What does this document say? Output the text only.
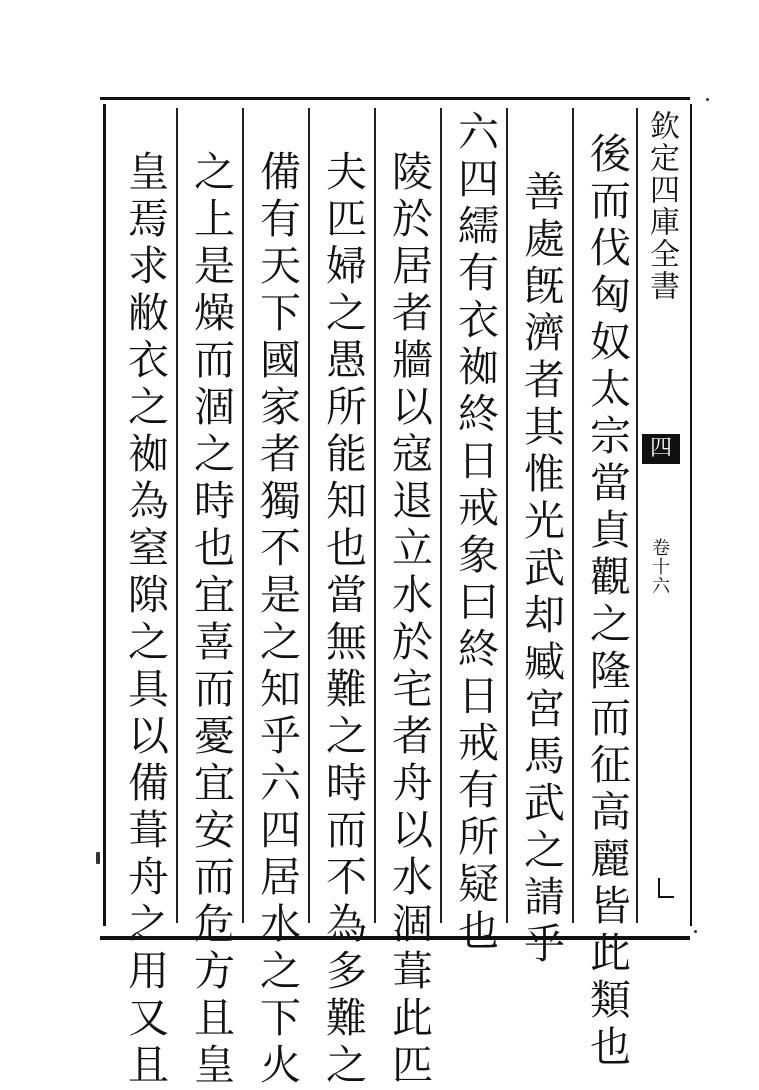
欽定四庫全書
四
卷十六
後而伐匈奴太宗當貞觀之隆而征高麗皆此類也
善處旣濟者其惟光武却臧宮馬武之請乎
六四繻有衣袽終日戒象曰終日戒有所疑也
陵於居者牆以寇退立水於宅者舟以水涸葺此匹
夫匹婦之愚所能知也當無難之時而不為多難之
備有天下國家者獨不是之知乎六四居水之下火
之上是燥而涸之時也宜喜而憂宜安而危方且皇
皇焉求敝衣之袽為窒隙之具以備葺舟之用又且
